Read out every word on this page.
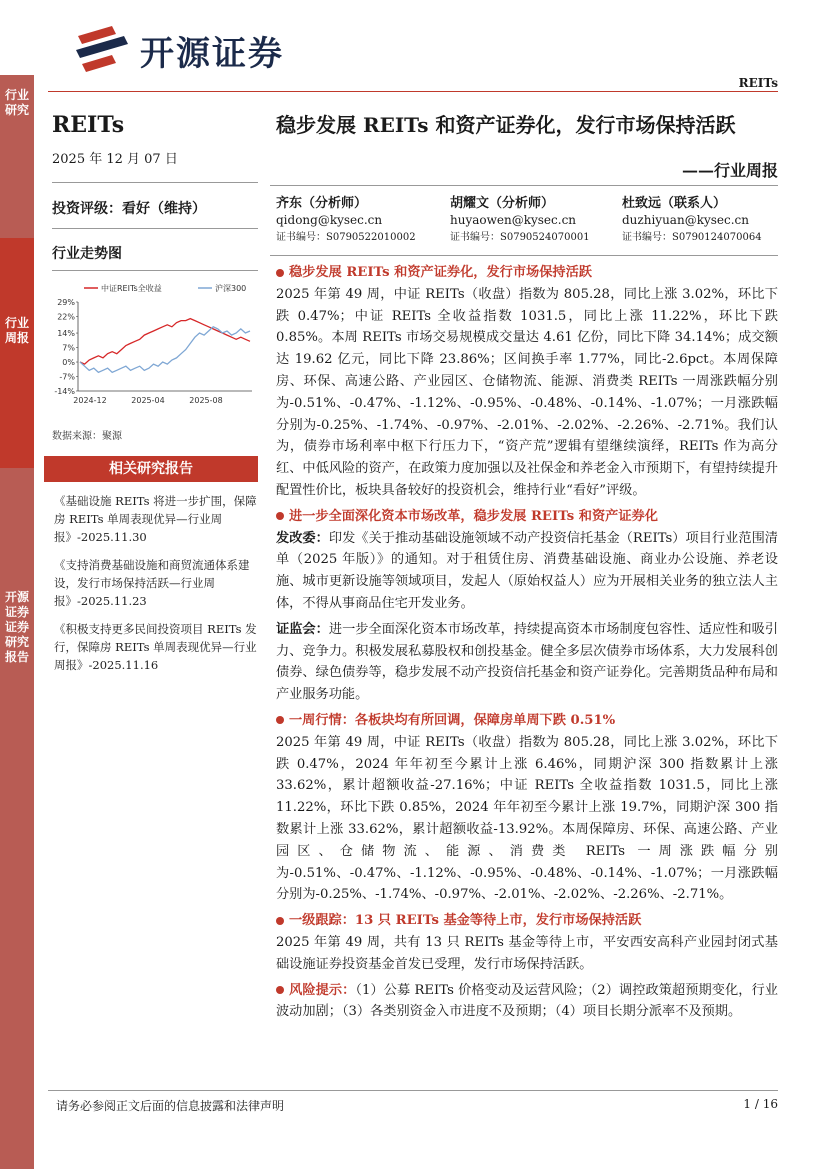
开源证券
REITs
行业研究
行业周报
开源证券 证券研究报告
REITs
2025 年 12 月 07 日
投资评级：看好（维持）
行业走势图
29%
22%
14%
7%
0%
-7%
-14%
2024-12	2025-04	2025-08
中证REITs全收益	沪深300
数据来源：聚源
相关研究报告
《基础设施 REITs 将进一步扩围，保障房 REITs 单周表现优异—行业周报》-2025.11.30
《支持消费基础设施和商贸流通体系建设，发行市场保持活跃—行业周报》-2025.11.23
《积极支持更多民间投资项目 REITs 发行，保障房 REITs 单周表现优异—行业周报》-2025.11.16
稳步发展 REITs 和资产证券化，发行市场保持活跃
——行业周报
齐东（分析师）
qidong@kysec.cn
证书编号：S0790522010002
胡耀文（分析师）
huyaowen@kysec.cn
证书编号：S0790524070001
杜致远（联系人）
duzhiyuan@kysec.cn
证书编号：S0790124070064
稳步发展 REITs 和资产证券化，发行市场保持活跃

2025 年第 49 周，中证 REITs（收盘）指数为 805.28，同比上涨 3.02%，环比下跌 0.47%；中证 REITs 全收益指数 1031.5，同比上涨 11.22%，环比下跌 0.85%。本周 REITs 市场交易规模成交量达 4.61 亿份，同比下降 34.14%；成交额达 19.62 亿元，同比下降 23.86%；区间换手率 1.77%，同比-2.6pct。本周保障房、环保、高速公路、产业园区、仓储物流、能源、消费类 REITs 一周涨跌幅分别为-0.51%、-0.47%、-1.12%、-0.95%、-0.48%、-0.14%、-1.07%；一月涨跌幅分别为-0.25%、-1.74%、-0.97%、-2.01%、-2.02%、-2.26%、-2.71%。我们认为，债券市场利率中枢下行压力下，“资产荒”逻辑有望继续演绎，REITs 作为高分红、中低风险的资产，在政策力度加强以及社保金和养老金入市预期下，有望持续提升配置性价比，板块具备较好的投资机会，维持行业“看好”评级。

进一步全面深化资本市场改革，稳步发展 REITs 和资产证券化

发改委：印发《关于推动基础设施领域不动产投资信托基金（REITs）项目行业范围清单（2025 年版）》的通知。对于租赁住房、消费基础设施、商业办公设施、养老设施、城市更新设施等领域项目，发起人（原始权益人）应为开展相关业务的独立法人主体，不得从事商品住宅开发业务。

证监会：进一步全面深化资本市场改革，持续提高资本市场制度包容性、适应性和吸引力、竞争力。积极发展私募股权和创投基金。健全多层次债券市场体系，大力发展科创债券、绿色债券等，稳步发展不动产投资信托基金和资产证券化。完善期货品种布局和产业服务功能。

一周行情：各板块均有所回调，保障房单周下跌 0.51%

2025 年第 49 周，中证 REITs（收盘）指数为 805.28，同比上涨 3.02%，环比下跌 0.47%，2024 年年初至今累计上涨 6.46%，同期沪深 300 指数累计上涨 33.62%，累计超额收益-27.16%；中证 REITs 全收益指数 1031.5，同比上涨 11.22%，环比下跌 0.85%，2024 年年初至今累计上涨 19.7%，同期沪深 300 指数累计上涨 33.62%，累计超额收益-13.92%。本周保障房、环保、高速公路、产业园区、仓储物流、能源、消费类 REITs 一周涨跌幅分别为-0.51%、-0.47%、-1.12%、-0.95%、-0.48%、-0.14%、-1.07%；一月涨跌幅分别为-0.25%、-1.74%、-0.97%、-2.01%、-2.02%、-2.26%、-2.71%。

一级跟踪：13 只 REITs 基金等待上市，发行市场保持活跃

2025 年第 49 周，共有 13 只 REITs 基金等待上市，平安西安高科产业园封闭式基础设施证券投资基金首发已受理，发行市场保持活跃。

风险提示：（1）公募 REITs 价格变动及运营风险；（2）调控政策超预期变化，行业波动加剧；（3）各类别资金入市进度不及预期；（4）项目长期分派率不及预期。

请务必参阅正文后面的信息披露和法律声明	1 / 16
